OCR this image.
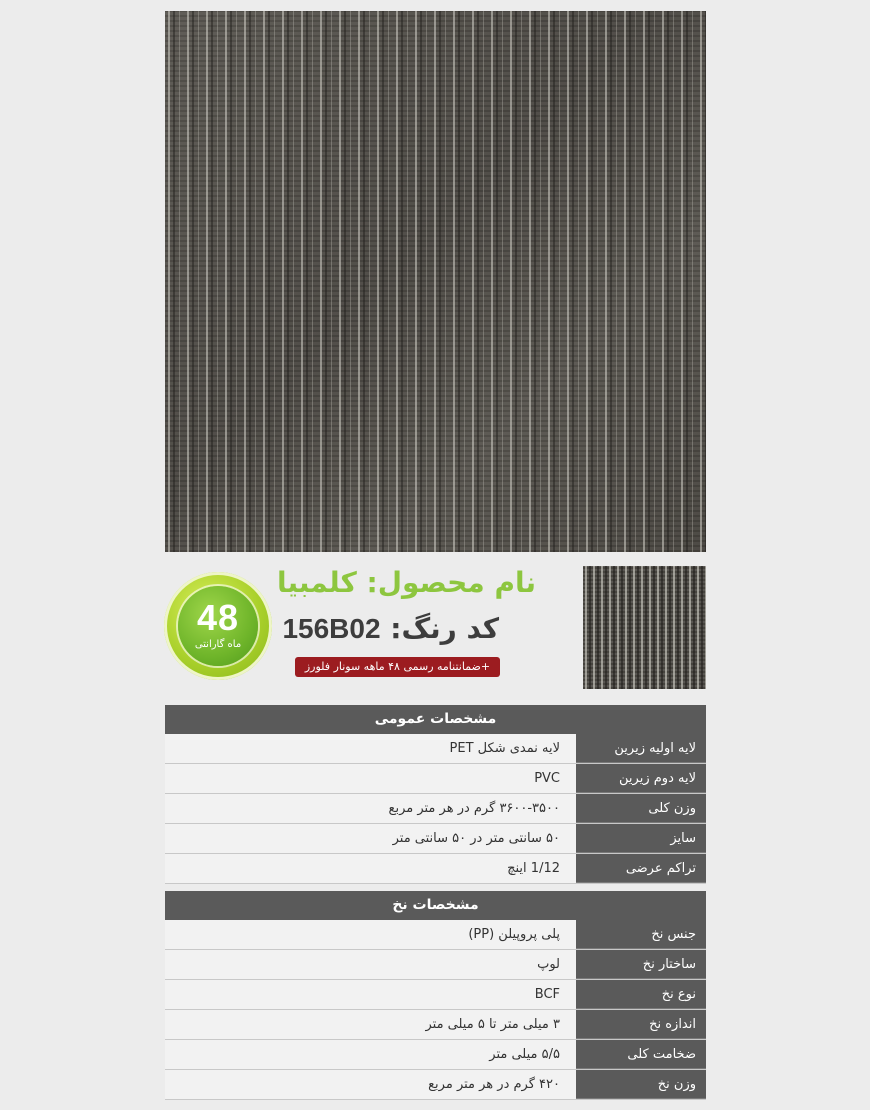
48
ماه گارانتی
نام محصول: کلمبیا
کد رنگ: 156B02
+ضمانتنامه رسمی ۴۸ ماهه سونار فلورز
مشخصات عمومی
لایه اولیه زیرین
لایه نمدی شکل PET
لایه دوم زیرین
PVC
وزن کلی
۳۶۰۰-۳۵۰۰ گرم در هر متر مربع
سایز
۵۰ سانتی متر در ۵۰ سانتی متر
تراکم عرضی
1/12 اینچ
مشخصات نخ
جنس نخ
پلی پروپیلن (PP)
ساختار نخ
لوپ
نوع نخ
BCF
اندازه نخ
۳ میلی متر تا ۵ میلی متر
ضخامت کلی
۵/۵ میلی متر
وزن نخ
۴۲۰ گرم در هر متر مربع
